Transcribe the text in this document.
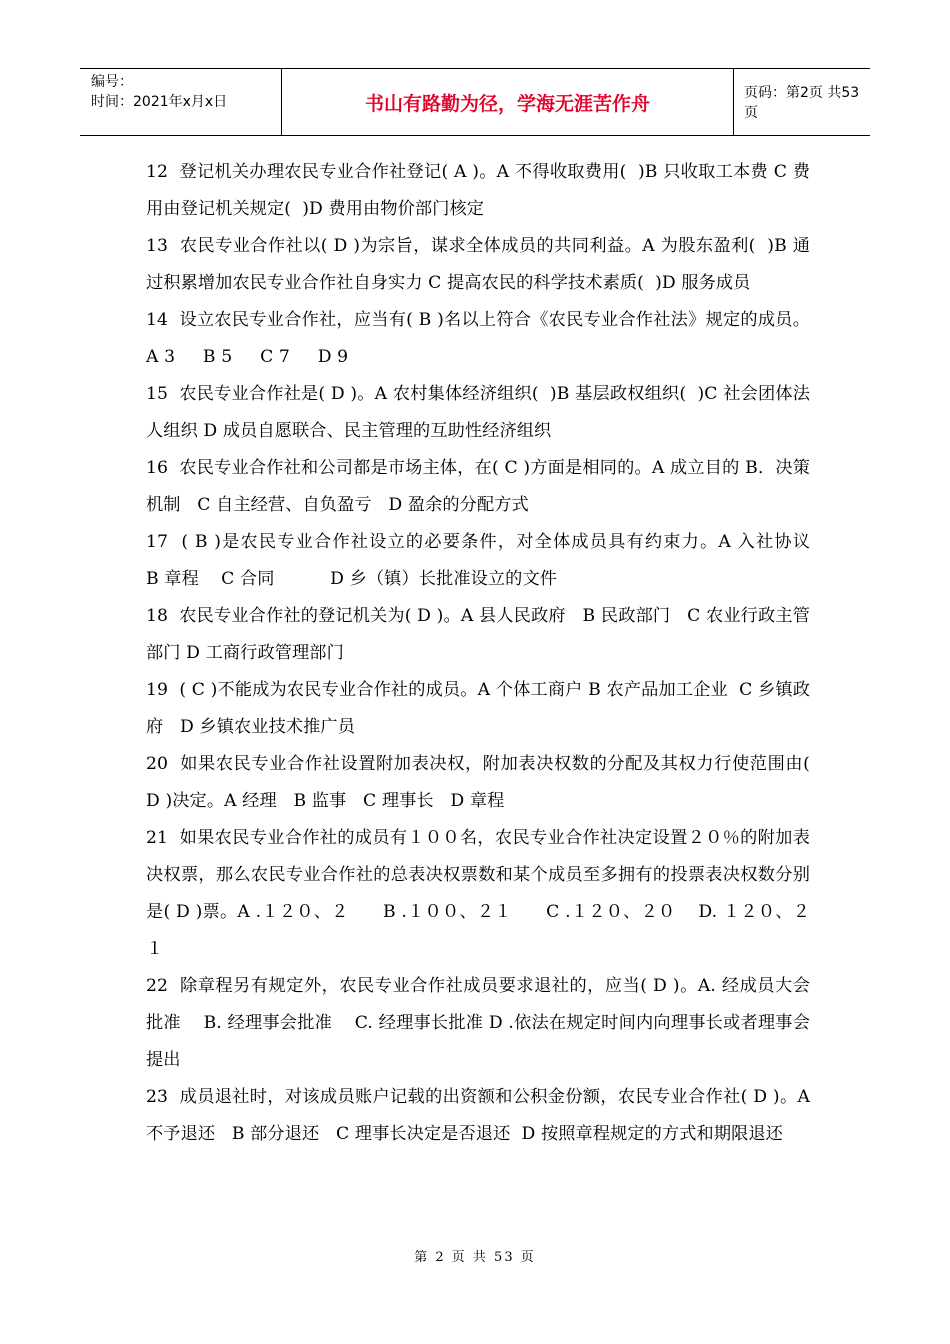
编号：
时间：2021年x月x日	书山有路勤为径，学海无涯苦作舟	页码：第2页 共53页
12  登记机关办理农民专业合作社登记( A )。A 不得收取费用(  )B 只收取工本费 C 费用由登记机关规定(  )D 费用由物价部门核定
13  农民专业合作社以( D )为宗旨，谋求全体成员的共同利益。A 为股东盈利(  )B 通过积累增加农民专业合作社自身实力 C 提高农民的科学技术素质(  )D 服务成员
14  设立农民专业合作社，应当有( B )名以上符合《农民专业合作社法》规定的成员。A 3     B 5     C 7     D 9
15  农民专业合作社是( D )。A 农村集体经济组织(  )B 基层政权组织(  )C 社会团体法人组织 D 成员自愿联合、民主管理的互助性经济组织
16  农民专业合作社和公司都是市场主体，在( C )方面是相同的。A 成立目的 B．决策机制   C 自主经营、自负盈亏   D 盈余的分配方式
17  ( B )是农民专业合作社设立的必要条件，对全体成员具有约束力。A 入社协议      B 章程    C 合同          D 乡（镇）长批准设立的文件
18  农民专业合作社的登记机关为( D )。A 县人民政府   B 民政部门   C 农业行政主管部门 D 工商行政管理部门
19  ( C )不能成为农民专业合作社的成员。A 个体工商户 B 农产品加工企业  C 乡镇政府   D 乡镇农业技术推广员
20  如果农民专业合作社设置附加表决权，附加表决权数的分配及其权力行使范围由( D )决定。A 经理   B 监事   C 理事长   D 章程
21  如果农民专业合作社的成员有１００名，农民专业合作社决定设置２０％的附加表决权票，那么农民专业合作社的总表决权票数和某个成员至多拥有的投票表决权数分别是( D )票。A .１２０、２      B .１００、２１      C .１２０、２０    D. １２０、２１
22  除章程另有规定外，农民专业合作社成员要求退社的，应当( D )。A. 经成员大会批准    B. 经理事会批准    C. 经理事长批准 D .依法在规定时间内向理事长或者理事会提出
23  成员退社时，对该成员账户记载的出资额和公积金份额，农民专业合作社( D )。A 不予退还   B 部分退还   C 理事长决定是否退还  D 按照章程规定的方式和期限退还
第 2 页 共 53 页
